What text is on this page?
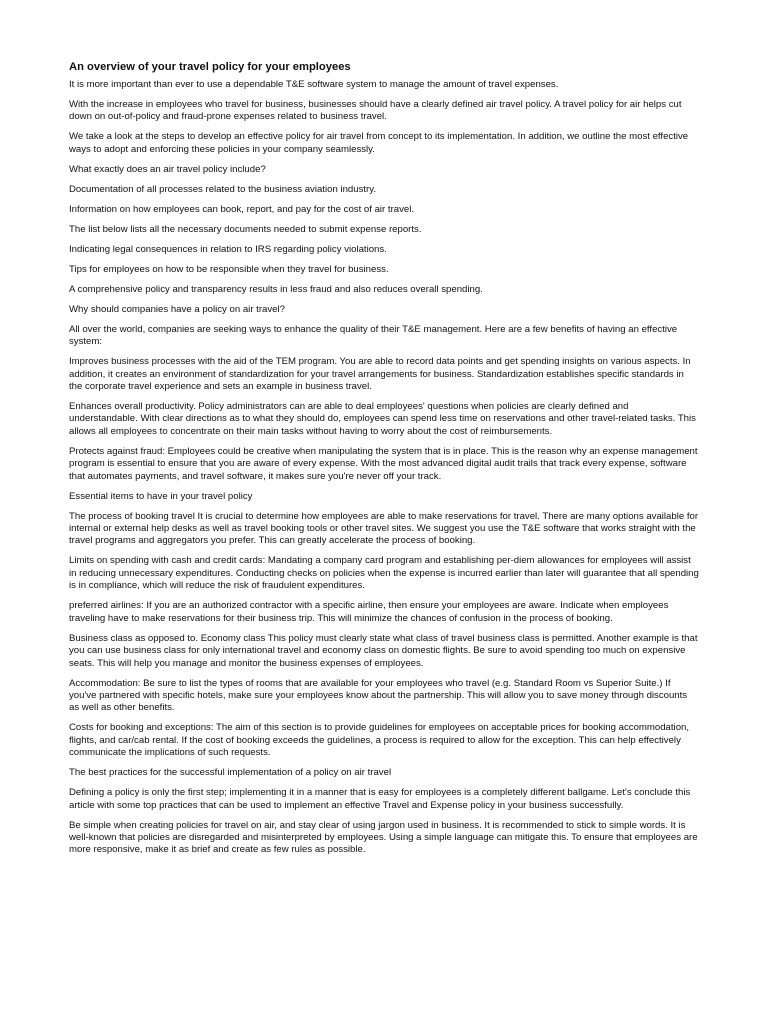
An overview of your travel policy for your employees

It is more important than ever to use a dependable T&E software system to manage the amount of travel expenses.

With the increase in employees who travel for business, businesses should have a clearly defined air travel policy. A travel policy for air helps cut down on out-of-policy and fraud-prone expenses related to business travel.

We take a look at the steps to develop an effective policy for air travel from concept to its implementation. In addition, we outline the most effective ways to adopt and enforcing these policies in your company seamlessly.

What exactly does an air travel policy include?

Documentation of all processes related to the business aviation industry.

Information on how employees can book, report, and pay for the cost of air travel.

The list below lists all the necessary documents needed to submit expense reports.

Indicating legal consequences in relation to IRS regarding policy violations.

Tips for employees on how to be responsible when they travel for business.

A comprehensive policy and transparency results in less fraud and also reduces overall spending.

Why should companies have a policy on air travel?

All over the world, companies are seeking ways to enhance the quality of their T&E management. Here are a few benefits of having an effective system:

Improves business processes with the aid of the TEM program. You are able to record data points and get spending insights on various aspects. In addition, it creates an environment of standardization for your travel arrangements for business. Standardization establishes specific standards in the corporate travel experience and sets an example in business travel.

Enhances overall productivity. Policy administrators can are able to deal employees' questions when policies are clearly defined and understandable. With clear directions as to what they should do, employees can spend less time on reservations and other travel-related tasks. This allows all employees to concentrate on their main tasks without having to worry about the cost of reimbursements.

Protects against fraud: Employees could be creative when manipulating the system that is in place. This is the reason why an expense management program is essential to ensure that you are aware of every expense. With the most advanced digital audit trails that track every expense, software that automates payments, and travel software, it makes sure you're never off your track.

Essential items to have in your travel policy

The process of booking travel It is crucial to determine how employees are able to make reservations for travel. There are many options available for internal or external help desks as well as travel booking tools or other travel sites. We suggest you use the T&E software that works straight with the travel programs and aggregators you prefer. This can greatly accelerate the process of booking.

Limits on spending with cash and credit cards: Mandating a company card program and establishing per-diem allowances for employees will assist in reducing unnecessary expenditures. Conducting checks on policies when the expense is incurred earlier than later will guarantee that all spending is in compliance, which will reduce the risk of fraudulent expenditures.

preferred airlines: If you are an authorized contractor with a specific airline, then ensure your employees are aware. Indicate when employees traveling have to make reservations for their business trip. This will minimize the chances of confusion in the process of booking.

Business class as opposed to. Economy class This policy must clearly state what class of travel business class is permitted. Another example is that you can use business class for only international travel and economy class on domestic flights. Be sure to avoid spending too much on expensive seats. This will help you manage and monitor the business expenses of employees.

Accommodation: Be sure to list the types of rooms that are available for your employees who travel (e.g. Standard Room vs Superior Suite.) If you've partnered with specific hotels, make sure your employees know about the partnership. This will allow you to save money through discounts as well as other benefits.

Costs for booking and exceptions: The aim of this section is to provide guidelines for employees on acceptable prices for booking accommodation, flights, and car/cab rental. If the cost of booking exceeds the guidelines, a process is required to allow for the exception. This can help effectively communicate the implications of such requests.

The best practices for the successful implementation of a policy on air travel

Defining a policy is only the first step; implementing it in a manner that is easy for employees is a completely different ballgame. Let's conclude this article with some top practices that can be used to implement an effective Travel and Expense policy in your business successfully.

Be simple when creating policies for travel on air, and stay clear of using jargon used in business. It is recommended to stick to simple words. It is well-known that policies are disregarded and misinterpreted by employees. Using a simple language can mitigate this. To ensure that employees are more responsive, make it as brief and create as few rules as possible.
